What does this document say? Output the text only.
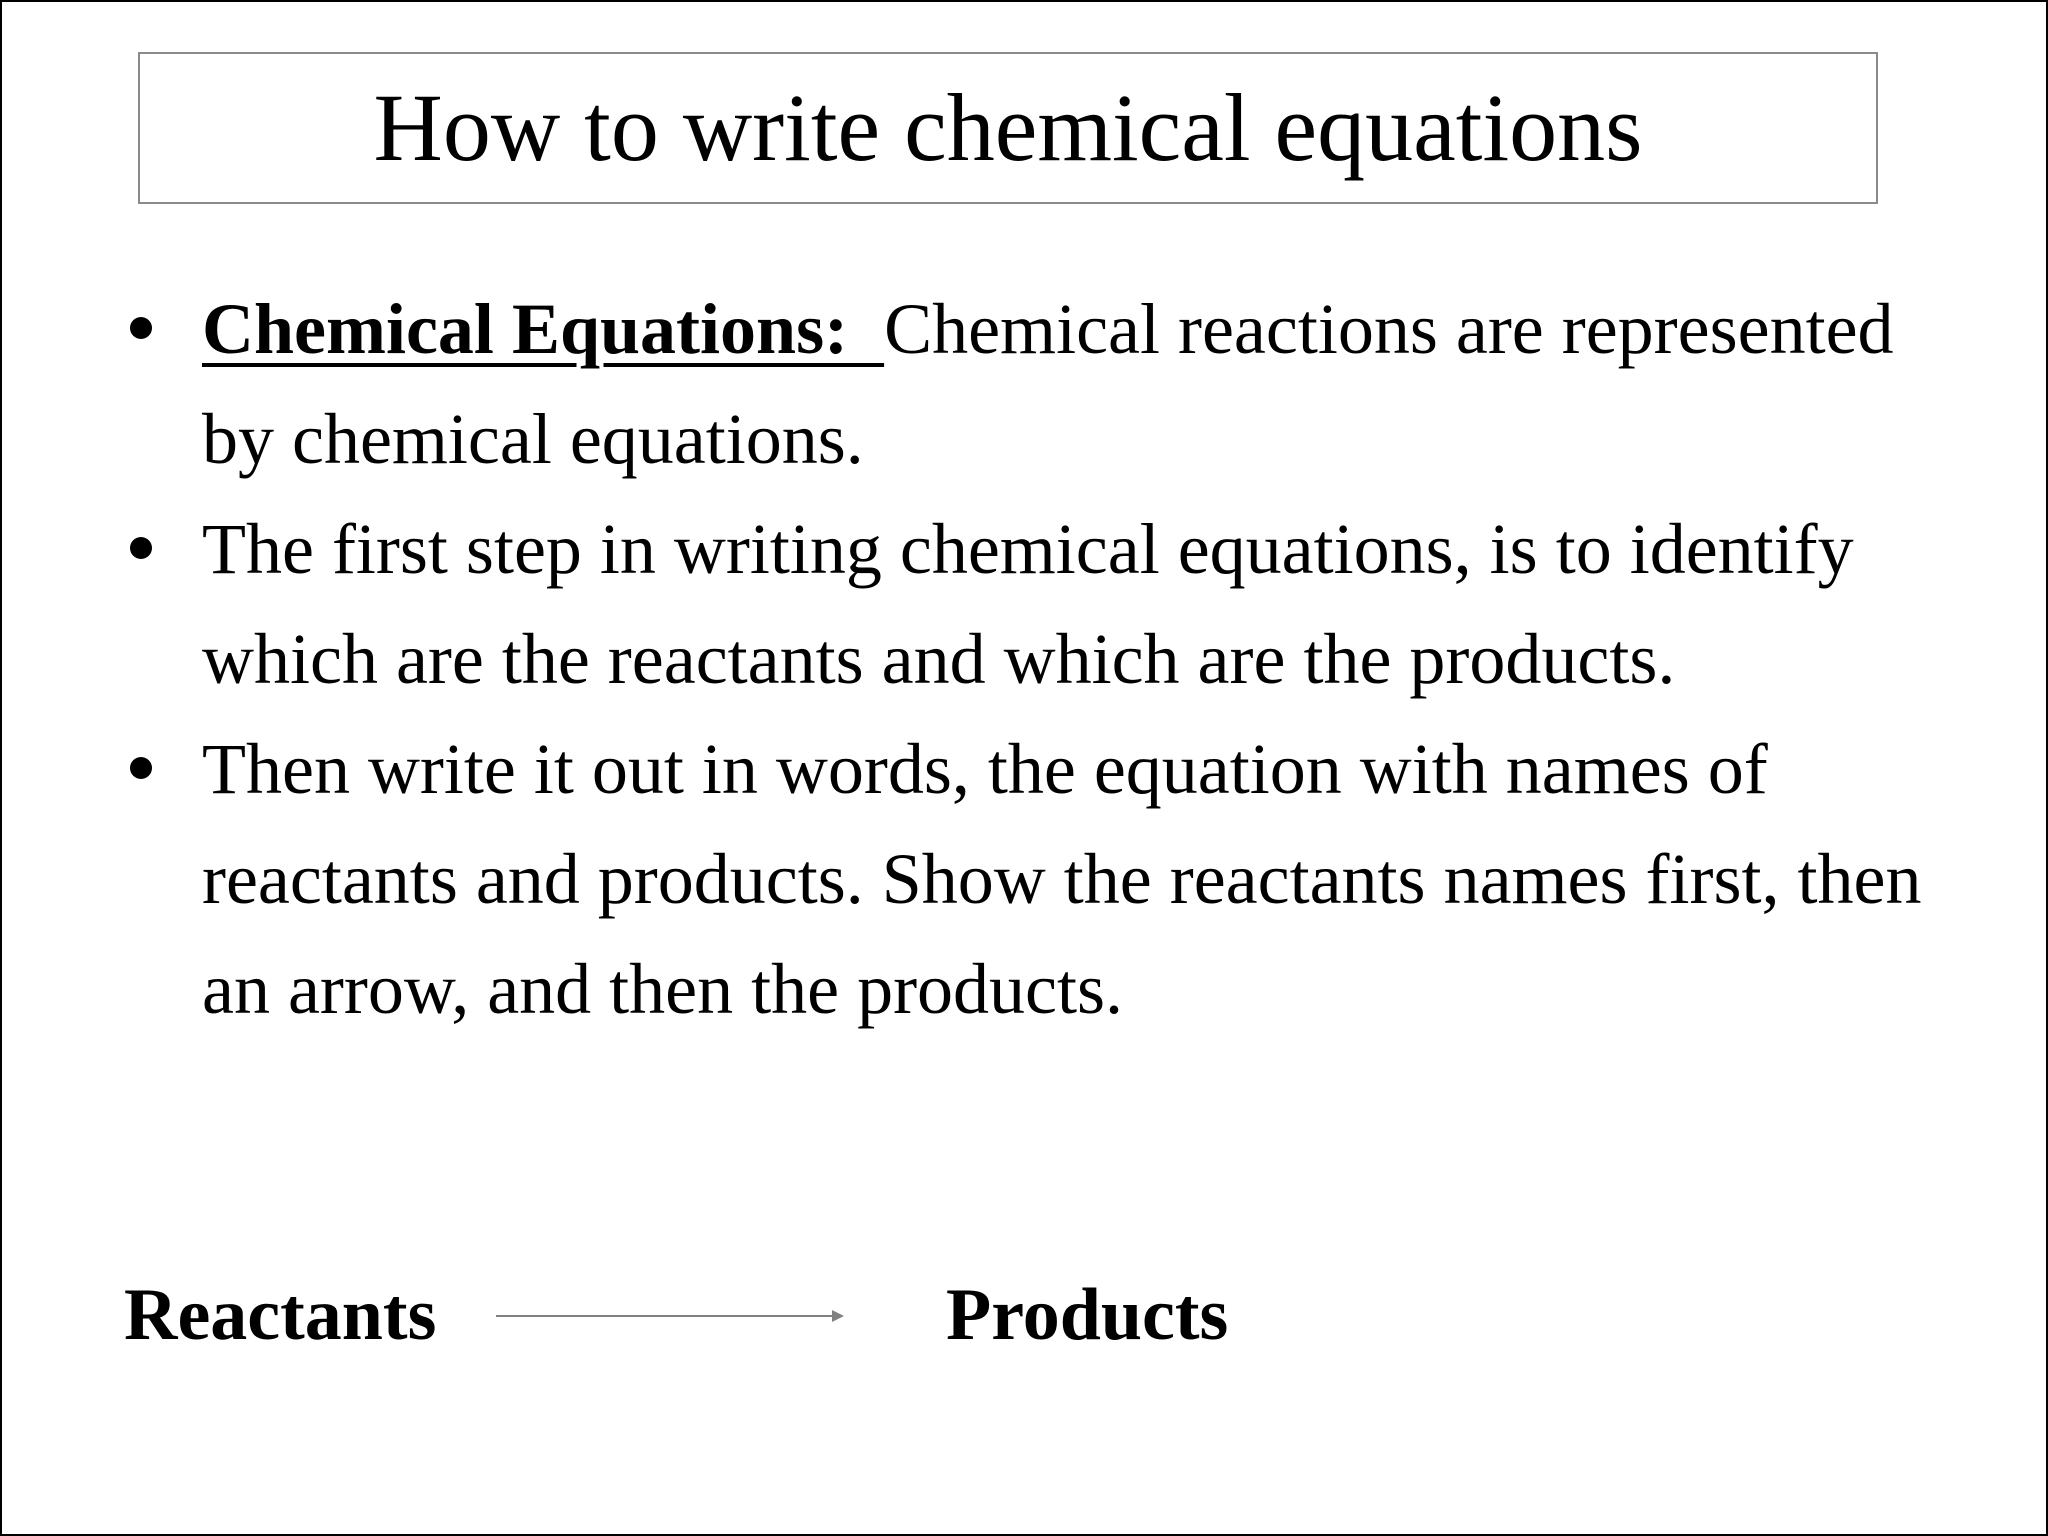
How to write chemical equations
Chemical Equations:  Chemical reactions are represented by chemical equations.
The first step in writing chemical equations, is to identify which are the reactants and which are the products.
Then write it out in words, the equation with names of reactants and products. Show the reactants names first, then an arrow, and then the products.
Reactants	Products
